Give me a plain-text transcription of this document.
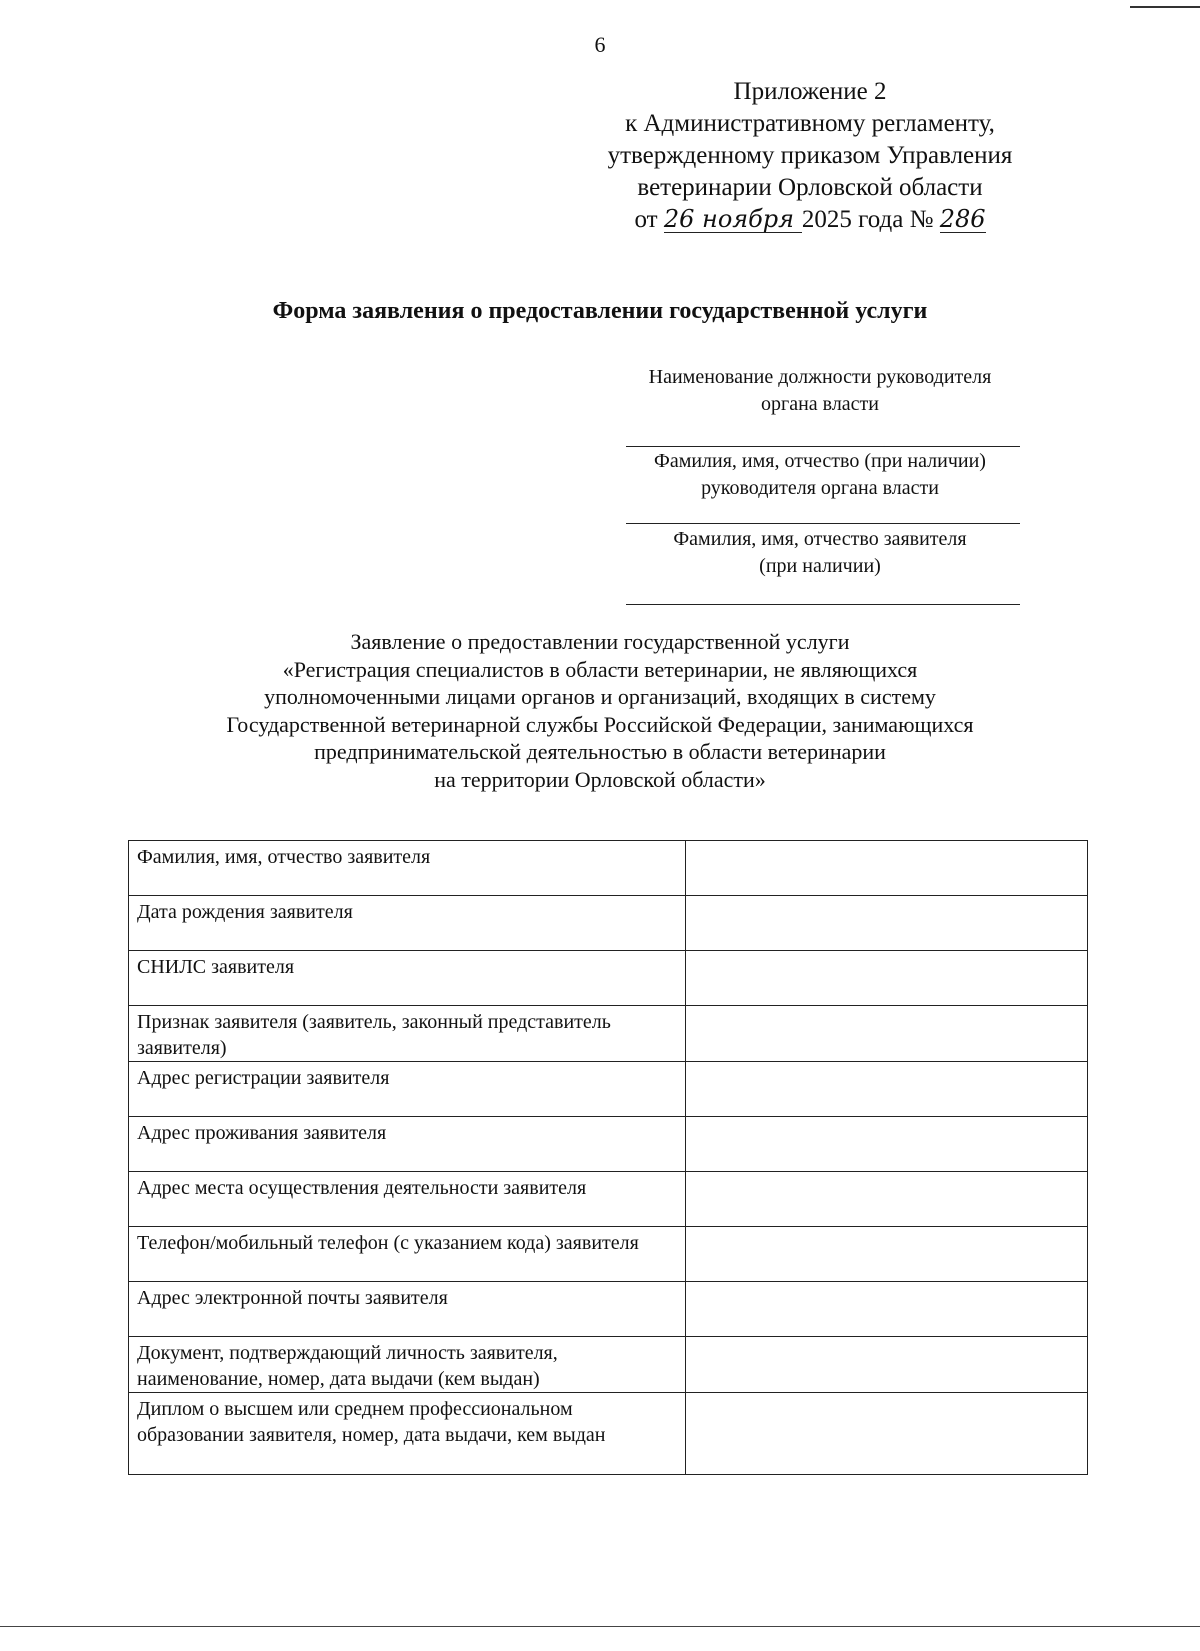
6
Приложение 2
к Административному регламенту,
утвержденному приказом Управления
ветеринарии Орловской области
от 26 ноября 2025 года № 286
Форма заявления о предоставлении государственной услуги
Наименование должности руководителя
органа власти
Фамилия, имя, отчество (при наличии)
руководителя органа власти
Фамилия, имя, отчество заявителя
(при наличии)
Заявление о предоставлении государственной услуги
«Регистрация специалистов в области ветеринарии, не являющихся
уполномоченными лицами органов и организаций, входящих в систему
Государственной ветеринарной службы Российской Федерации, занимающихся
предпринимательской деятельностью в области ветеринарии
на территории Орловской области»
Фамилия, имя, отчество заявителя	
Дата рождения заявителя	
СНИЛС заявителя	
Признак заявителя (заявитель, законный представитель заявителя)	
Адрес регистрации заявителя	
Адрес проживания заявителя	
Адрес места осуществления деятельности заявителя	
Телефон/мобильный телефон (с указанием кода) заявителя	
Адрес электронной почты заявителя	
Документ, подтверждающий личность заявителя, наименование, номер, дата выдачи (кем выдан)	
Диплом о высшем или среднем профессиональном образовании заявителя, номер, дата выдачи, кем выдан	
